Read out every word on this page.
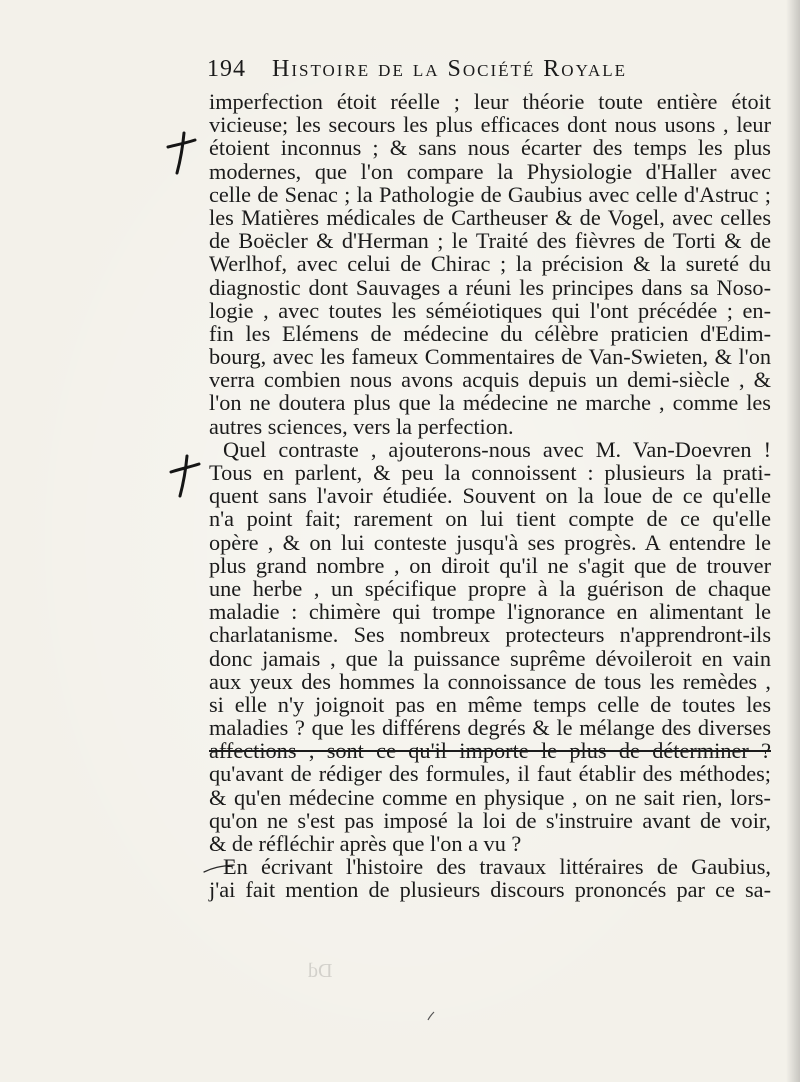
194 Histoire de la Société Royale
imperfection étoit réelle ; leur théorie toute entière étoit
vicieuse; les secours les plus efficaces dont nous usons , leur
étoient inconnus ; & sans nous écarter des temps les plus
modernes, que l'on compare la Physiologie d'Haller avec
celle de Senac ; la Pathologie de Gaubius avec celle d'Astruc ;
les Matières médicales de Cartheuser & de Vogel, avec celles
de Boëcler & d'Herman ; le Traité des fièvres de Torti & de
Werlhof, avec celui de Chirac ; la précision & la sureté du
diagnostic dont Sauvages a réuni les principes dans sa Noso-
logie , avec toutes les séméiotiques qui l'ont précédée ; en-
fin les Elémens de médecine du célèbre praticien d'Edim-
bourg, avec les fameux Commentaires de Van-Swieten, & l'on
verra combien nous avons acquis depuis un demi-siècle , &
l'on ne doutera plus que la médecine ne marche , comme les
autres sciences, vers la perfection.
Quel contraste , ajouterons-nous avec M. Van-Doevren !
Tous en parlent, & peu la connoissent : plusieurs la prati-
quent sans l'avoir étudiée. Souvent on la loue de ce qu'elle
n'a point fait; rarement on lui tient compte de ce qu'elle
opère , & on lui conteste jusqu'à ses progrès. A entendre le
plus grand nombre , on diroit qu'il ne s'agit que de trouver
une herbe , un spécifique propre à la guérison de chaque
maladie : chimère qui trompe l'ignorance en alimentant le
charlatanisme. Ses nombreux protecteurs n'apprendront-ils
donc jamais , que la puissance suprême dévoileroit en vain
aux yeux des hommes la connoissance de tous les remèdes ,
si elle n'y joignoit pas en même temps celle de toutes les
maladies ? que les différens degrés & le mélange des diverses
affections , sont ce qu'il importe le plus de déterminer ?
qu'avant de rédiger des formules, il faut établir des méthodes;
& qu'en médecine comme en physique , on ne sait rien, lors-
qu'on ne s'est pas imposé la loi de s'instruire avant de voir,
& de réfléchir après que l'on a vu ?
En écrivant l'histoire des travaux littéraires de Gaubius,
j'ai fait mention de plusieurs discours prononcés par ce sa-
Dd
